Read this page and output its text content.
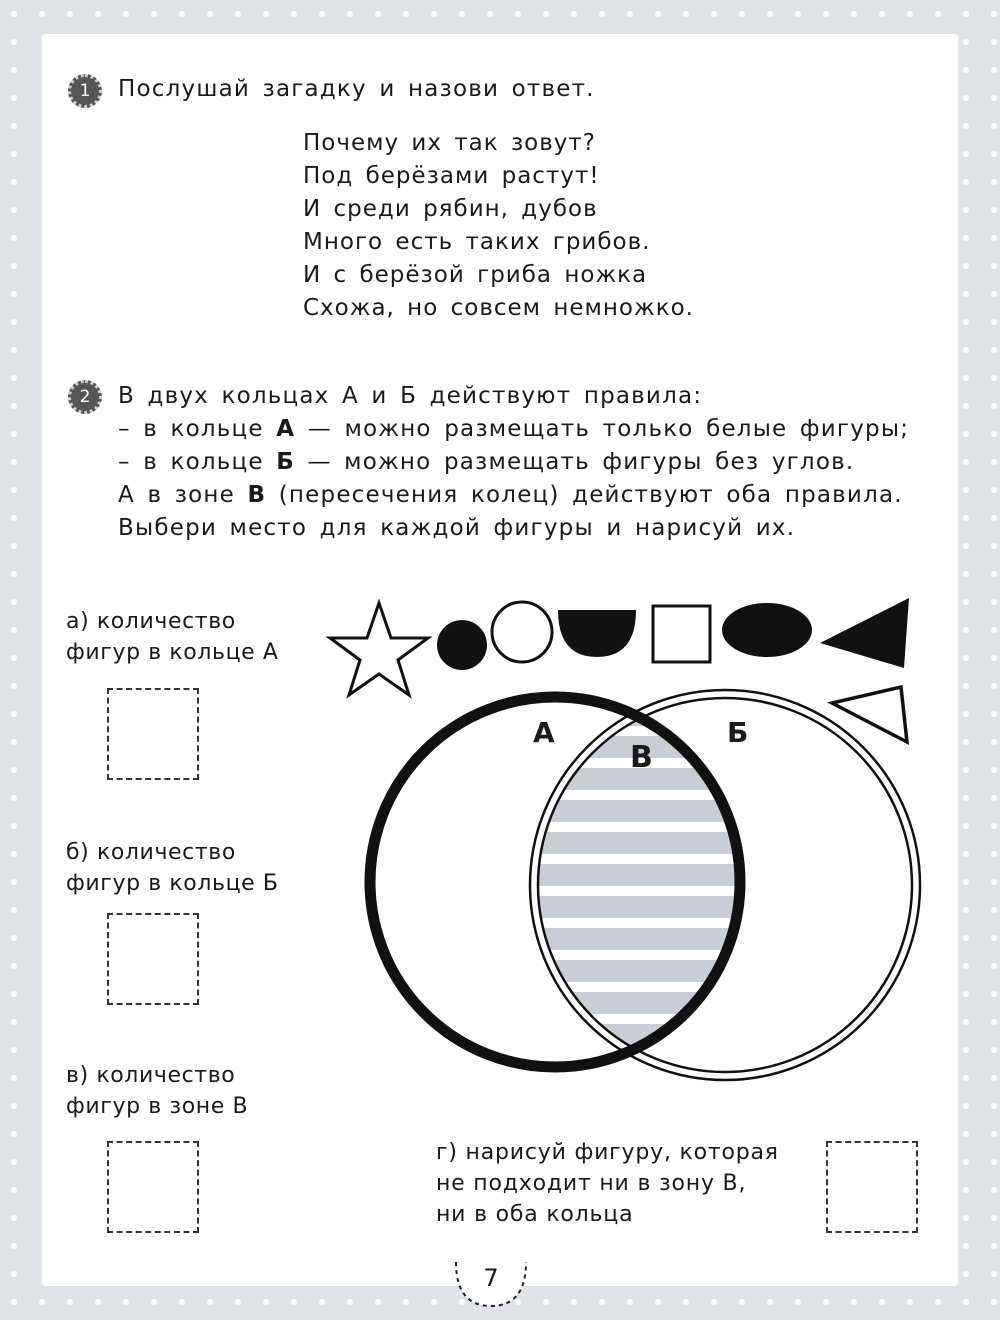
1	Послушай загадку и назови ответ.
Почему их так зовут?
Под берёзами растут!
И среди рябин, дубов
Много есть таких грибов.
И с берёзой гриба ножка
Схожа, но совсем немножко.
2	В двух кольцах А и Б действуют правила:
– в кольце А — можно размещать только белые фигуры;
– в кольце Б — можно размещать фигуры без углов.
А в зоне В (пересечения колец) действуют оба правила.
Выбери место для каждой фигуры и нарисуй их.
а) количество
фигур в кольце А
б) количество
фигур в кольце Б
в) количество
фигур в зоне В
г) нарисуй фигуру, которая
не подходит ни в зону В,
ни в оба кольца
А	Б
В
7
